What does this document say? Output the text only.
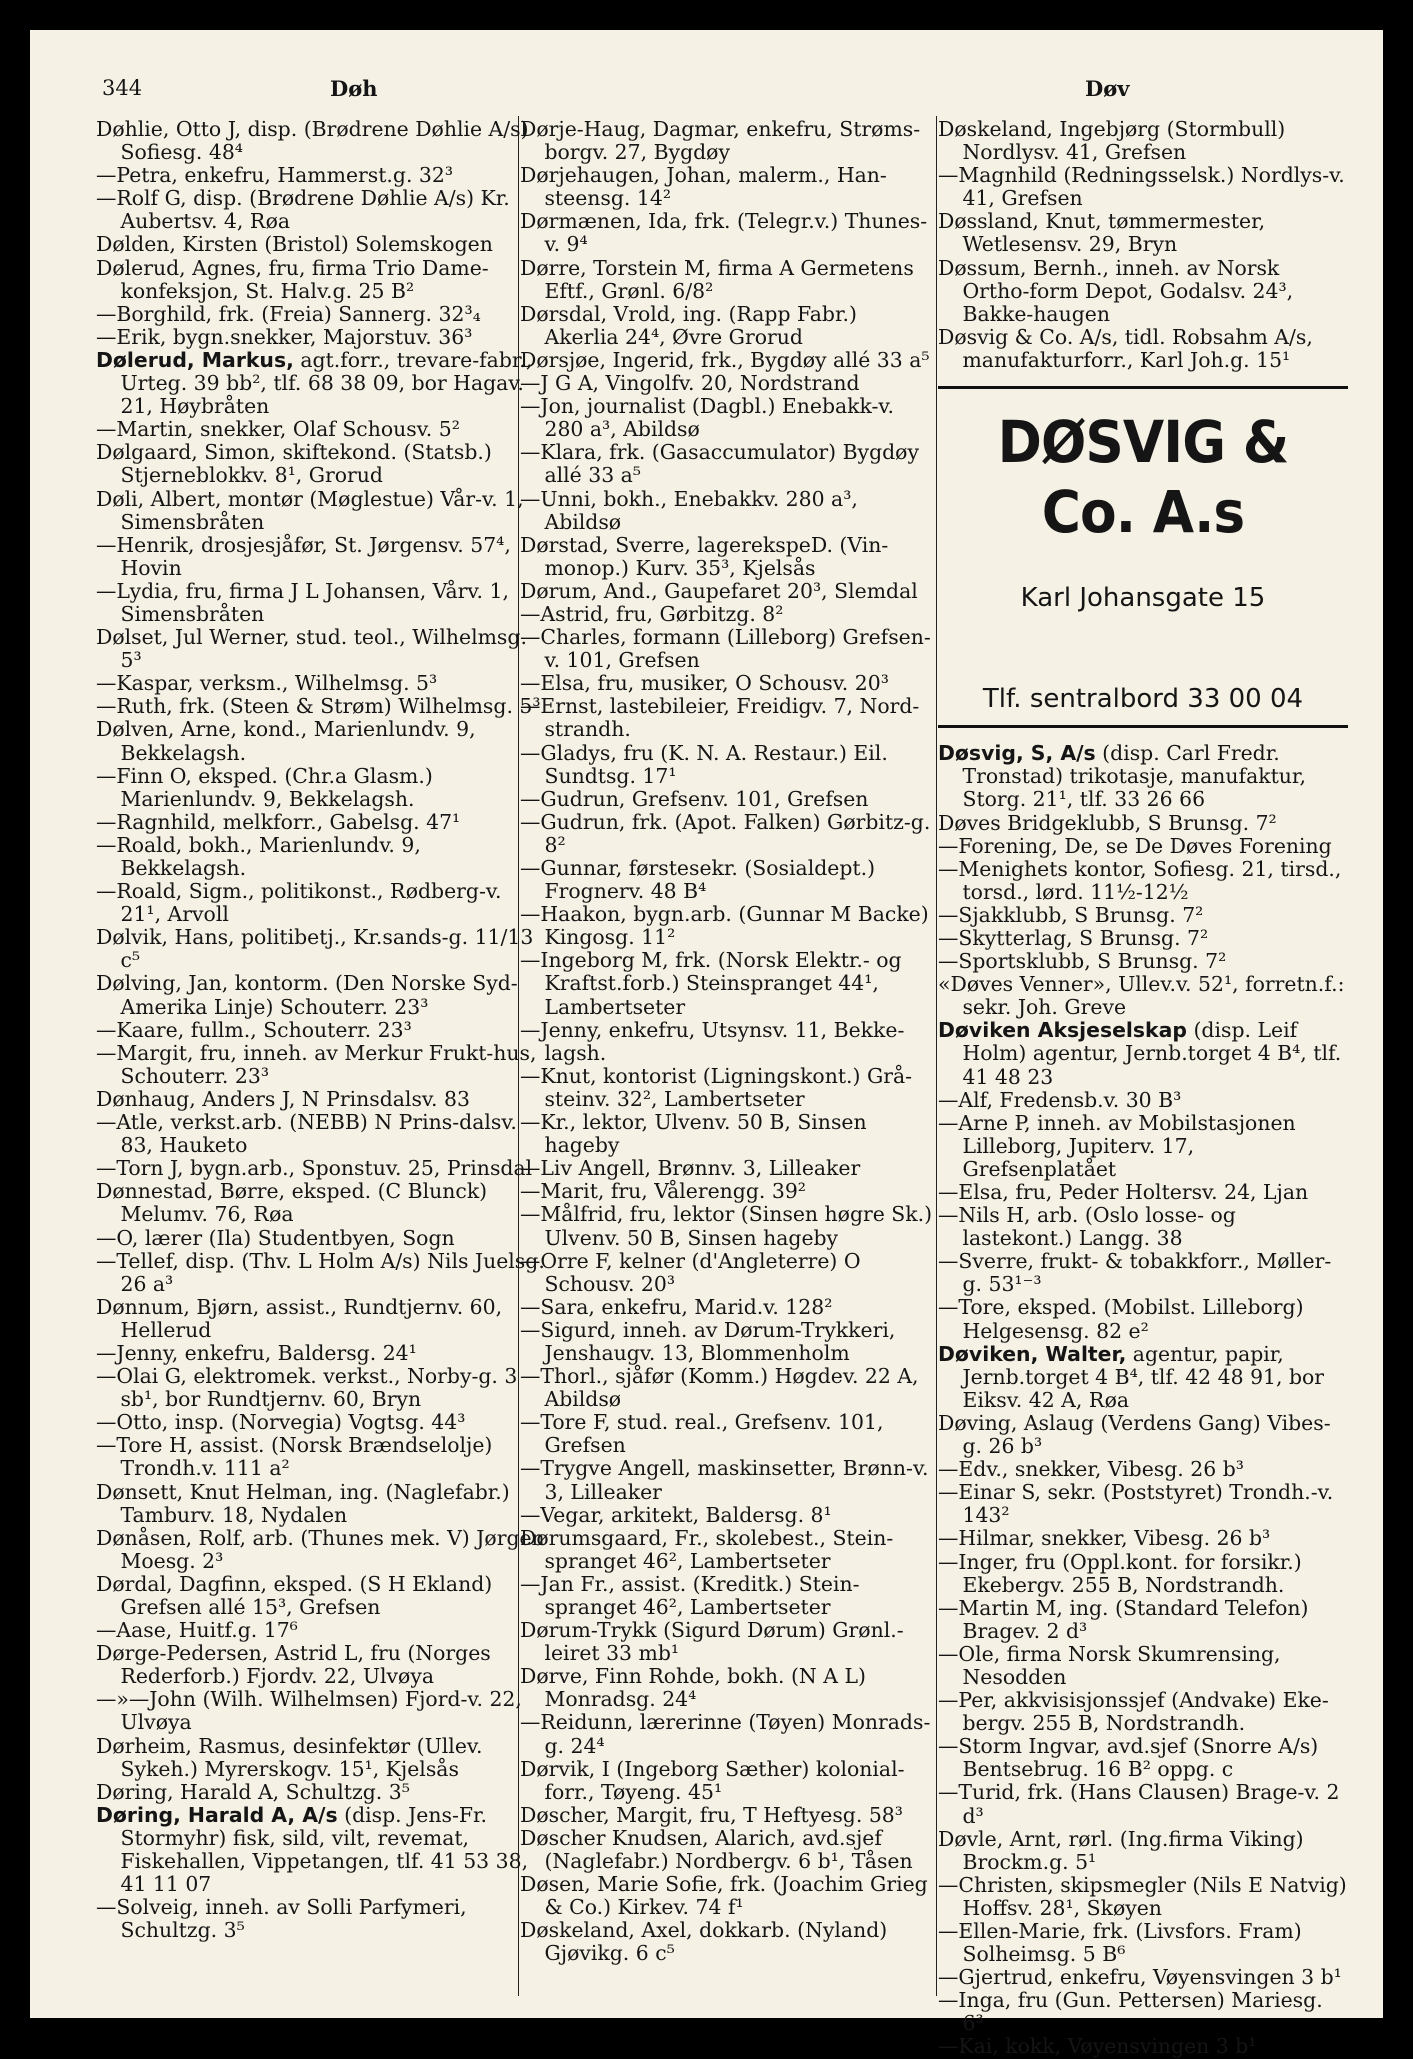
344	Døh	Døv
Døhlie, Otto J, disp. (Brødrene Døhlie A/s) Sofiesg. 48⁴
—Petra, enkefru, Hammerst.g. 32³
—Rolf G, disp. (Brødrene Døhlie A/s) Kr. Aubertsv. 4, Røa
Dølden, Kirsten (Bristol) Solemskogen
Dølerud, Agnes, fru, firma Trio Dame-konfeksjon, St. Halv.g. 25 B²
—Borghild, frk. (Freia) Sannerg. 32³₄
—Erik, bygn.snekker, Majorstuv. 36³
Dølerud, Markus, agt.forr., trevare-fabr., Urteg. 39 bb², tlf. 68 38 09, bor Hagav. 21, Høybråten
—Martin, snekker, Olaf Schousv. 5²
Dølgaard, Simon, skiftekond. (Statsb.) Stjerneblokkv. 8¹, Grorud
Døli, Albert, montør (Møglestue) Vår-v. 1, Simensbråten
—Henrik, drosjesjåfør, St. Jørgensv. 57⁴, Hovin
—Lydia, fru, firma J L Johansen, Vårv. 1, Simensbråten
Dølset, Jul Werner, stud. teol., Wilhelmsg. 5³
—Kaspar, verksm., Wilhelmsg. 5³
—Ruth, frk. (Steen & Strøm) Wilhelmsg. 5³
Dølven, Arne, kond., Marienlundv. 9, Bekkelagsh.
—Finn O, eksped. (Chr.a Glasm.) Marienlundv. 9, Bekkelagsh.
—Ragnhild, melkforr., Gabelsg. 47¹
—Roald, bokh., Marienlundv. 9, Bekkelagsh.
—Roald, Sigm., politikonst., Rødberg-v. 21¹, Arvoll
Dølvik, Hans, politibetj., Kr.sands-g. 11/13 c⁵
Dølving, Jan, kontorm. (Den Norske Syd-Amerika Linje) Schouterr. 23³
—Kaare, fullm., Schouterr. 23³
—Margit, fru, inneh. av Merkur Frukt-hus, Schouterr. 23³
Dønhaug, Anders J, N Prinsdalsv. 83
—Atle, verkst.arb. (NEBB) N Prins-dalsv. 83, Hauketo
—Torn J, bygn.arb., Sponstuv. 25, Prinsdal
Dønnestad, Børre, eksped. (C Blunck) Melumv. 76, Røa
—O, lærer (Ila) Studentbyen, Sogn
—Tellef, disp. (Thv. L Holm A/s) Nils Juelsg. 26 a³
Dønnum, Bjørn, assist., Rundtjernv. 60, Hellerud
—Jenny, enkefru, Baldersg. 24¹
—Olai G, elektromek. verkst., Norby-g. 3 sb¹, bor Rundtjernv. 60, Bryn
—Otto, insp. (Norvegia) Vogtsg. 44³
—Tore H, assist. (Norsk Brændselolje) Trondh.v. 111 a²
Dønsett, Knut Helman, ing. (Naglefabr.) Tamburv. 18, Nydalen
Dønåsen, Rolf, arb. (Thunes mek. V) Jørgen Moesg. 2³
Dørdal, Dagfinn, eksped. (S H Ekland) Grefsen allé 15³, Grefsen
—Aase, Huitf.g. 17⁶
Dørge-Pedersen, Astrid L, fru (Norges Rederforb.) Fjordv. 22, Ulvøya
—»—John (Wilh. Wilhelmsen) Fjord-v. 22, Ulvøya
Dørheim, Rasmus, desinfektør (Ullev. Sykeh.) Myrerskogv. 15¹, Kjelsås
Døring, Harald A, Schultzg. 3⁵
Døring, Harald A, A/s (disp. Jens-Fr. Stormyhr) fisk, sild, vilt, revemat, Fiskehallen, Vippetangen, tlf. 41 53 38, 41 11 07
—Solveig, inneh. av Solli Parfymeri, Schultzg. 3⁵
Dørje-Haug, Dagmar, enkefru, Strøms-borgv. 27, Bygdøy
Dørjehaugen, Johan, malerm., Han-steensg. 14²
Dørmænen, Ida, frk. (Telegr.v.) Thunes-v. 9⁴
Dørre, Torstein M, firma A Germetens Eftf., Grønl. 6/8²
Dørsdal, Vrold, ing. (Rapp Fabr.) Akerlia 24⁴, Øvre Grorud
Dørsjøe, Ingerid, frk., Bygdøy allé 33 a⁵
—J G A, Vingolfv. 20, Nordstrand
—Jon, journalist (Dagbl.) Enebakk-v. 280 a³, Abildsø
—Klara, frk. (Gasaccumulator) Bygdøy allé 33 a⁵
—Unni, bokh., Enebakkv. 280 a³, Abildsø
Dørstad, Sverre, lagerekspeD. (Vin-monop.) Kurv. 35³, Kjelsås
Dørum, And., Gaupefaret 20³, Slemdal
—Astrid, fru, Gørbitzg. 8²
—Charles, formann (Lilleborg) Grefsen-v. 101, Grefsen
—Elsa, fru, musiker, O Schousv. 20³
—Ernst, lastebileier, Freidigv. 7, Nord-strandh.
—Gladys, fru (K. N. A. Restaur.) Eil. Sundtsg. 17¹
—Gudrun, Grefsenv. 101, Grefsen
—Gudrun, frk. (Apot. Falken) Gørbitz-g. 8²
—Gunnar, førstesekr. (Sosialdept.) Frognerv. 48 B⁴
—Haakon, bygn.arb. (Gunnar M Backe) Kingosg. 11²
—Ingeborg M, frk. (Norsk Elektr.- og Kraftst.forb.) Steinspranget 44¹, Lambertseter
—Jenny, enkefru, Utsynsv. 11, Bekke-lagsh.
—Knut, kontorist (Ligningskont.) Grå-steinv. 32², Lambertseter
—Kr., lektor, Ulvenv. 50 B, Sinsen hageby
—Liv Angell, Brønnv. 3, Lilleaker
—Marit, fru, Vålerengg. 39²
—Målfrid, fru, lektor (Sinsen høgre Sk.) Ulvenv. 50 B, Sinsen hageby
—Orre F, kelner (d'Angleterre) O Schousv. 20³
—Sara, enkefru, Marid.v. 128²
—Sigurd, inneh. av Dørum-Trykkeri, Jenshaugv. 13, Blommenholm
—Thorl., sjåfør (Komm.) Høgdev. 22 A, Abildsø
—Tore F, stud. real., Grefsenv. 101, Grefsen
—Trygve Angell, maskinsetter, Brønn-v. 3, Lilleaker
—Vegar, arkitekt, Baldersg. 8¹
Dørumsgaard, Fr., skolebest., Stein-spranget 46², Lambertseter
—Jan Fr., assist. (Kreditk.) Stein-spranget 46², Lambertseter
Dørum-Trykk (Sigurd Dørum) Grønl.-leiret 33 mb¹
Dørve, Finn Rohde, bokh. (N A L) Monradsg. 24⁴
—Reidunn, lærerinne (Tøyen) Monrads-g. 24⁴
Dørvik, I (Ingeborg Sæther) kolonial-forr., Tøyeng. 45¹
Døscher, Margit, fru, T Heftyesg. 58³
Døscher Knudsen, Alarich, avd.sjef (Naglefabr.) Nordbergv. 6 b¹, Tåsen
Døsen, Marie Sofie, frk. (Joachim Grieg & Co.) Kirkev. 74 f¹
Døskeland, Axel, dokkarb. (Nyland) Gjøvikg. 6 c⁵
Døskeland, Ingebjørg (Stormbull) Nordlysv. 41, Grefsen
—Magnhild (Redningsselsk.) Nordlys-v. 41, Grefsen
Døssland, Knut, tømmermester, Wetlesensv. 29, Bryn
Døssum, Bernh., inneh. av Norsk Ortho-form Depot, Godalsv. 24³, Bakke-haugen
Døsvig & Co. A/s, tidl. Robsahm A/s, manufakturforr., Karl Joh.g. 15¹
DØSVIG & Co. A.s
Karl Johansgate 15
Tlf. sentralbord 33 00 04
Døsvig, S, A/s (disp. Carl Fredr. Tronstad) trikotasje, manufaktur, Storg. 21¹, tlf. 33 26 66
Døves Bridgeklubb, S Brunsg. 7²
—Forening, De, se De Døves Forening
—Menighets kontor, Sofiesg. 21, tirsd., torsd., lørd. 11½-12½
—Sjakklubb, S Brunsg. 7²
—Skytterlag, S Brunsg. 7²
—Sportsklubb, S Brunsg. 7²
«Døves Venner», Ullev.v. 52¹, forretn.f.: sekr. Joh. Greve
Døviken Aksjeselskap (disp. Leif Holm) agentur, Jernb.torget 4 B⁴, tlf. 41 48 23
—Alf, Fredensb.v. 30 B³
—Arne P, inneh. av Mobilstasjonen Lilleborg, Jupiterv. 17, Grefsenplatået
—Elsa, fru, Peder Holtersv. 24, Ljan
—Nils H, arb. (Oslo losse- og lastekont.) Langg. 38
—Sverre, frukt- & tobakkforr., Møller-g. 53¹⁻³
—Tore, eksped. (Mobilst. Lilleborg) Helgesensg. 82 e²
Døviken, Walter, agentur, papir, Jernb.torget 4 B⁴, tlf. 42 48 91, bor Eiksv. 42 A, Røa
Døving, Aslaug (Verdens Gang) Vibes-g. 26 b³
—Edv., snekker, Vibesg. 26 b³
—Einar S, sekr. (Poststyret) Trondh.-v. 143²
—Hilmar, snekker, Vibesg. 26 b³
—Inger, fru (Oppl.kont. for forsikr.) Ekebergv. 255 B, Nordstrandh.
—Martin M, ing. (Standard Telefon) Bragev. 2 d³
—Ole, firma Norsk Skumrensing, Nesodden
—Per, akkvisisjonssjef (Andvake) Eke-bergv. 255 B, Nordstrandh.
—Storm Ingvar, avd.sjef (Snorre A/s) Bentsebrug. 16 B² oppg. c
—Turid, frk. (Hans Clausen) Brage-v. 2 d³
Døvle, Arnt, rørl. (Ing.firma Viking) Brockm.g. 5¹
—Christen, skipsmegler (Nils E Natvig) Hoffsv. 28¹, Skøyen
—Ellen-Marie, frk. (Livsfors. Fram) Solheimsg. 5 B⁶
—Gjertrud, enkefru, Vøyensvingen 3 b¹
—Inga, fru (Gun. Pettersen) Mariesg. 6³
—Kai, kokk, Vøyensvingen 3 b¹
